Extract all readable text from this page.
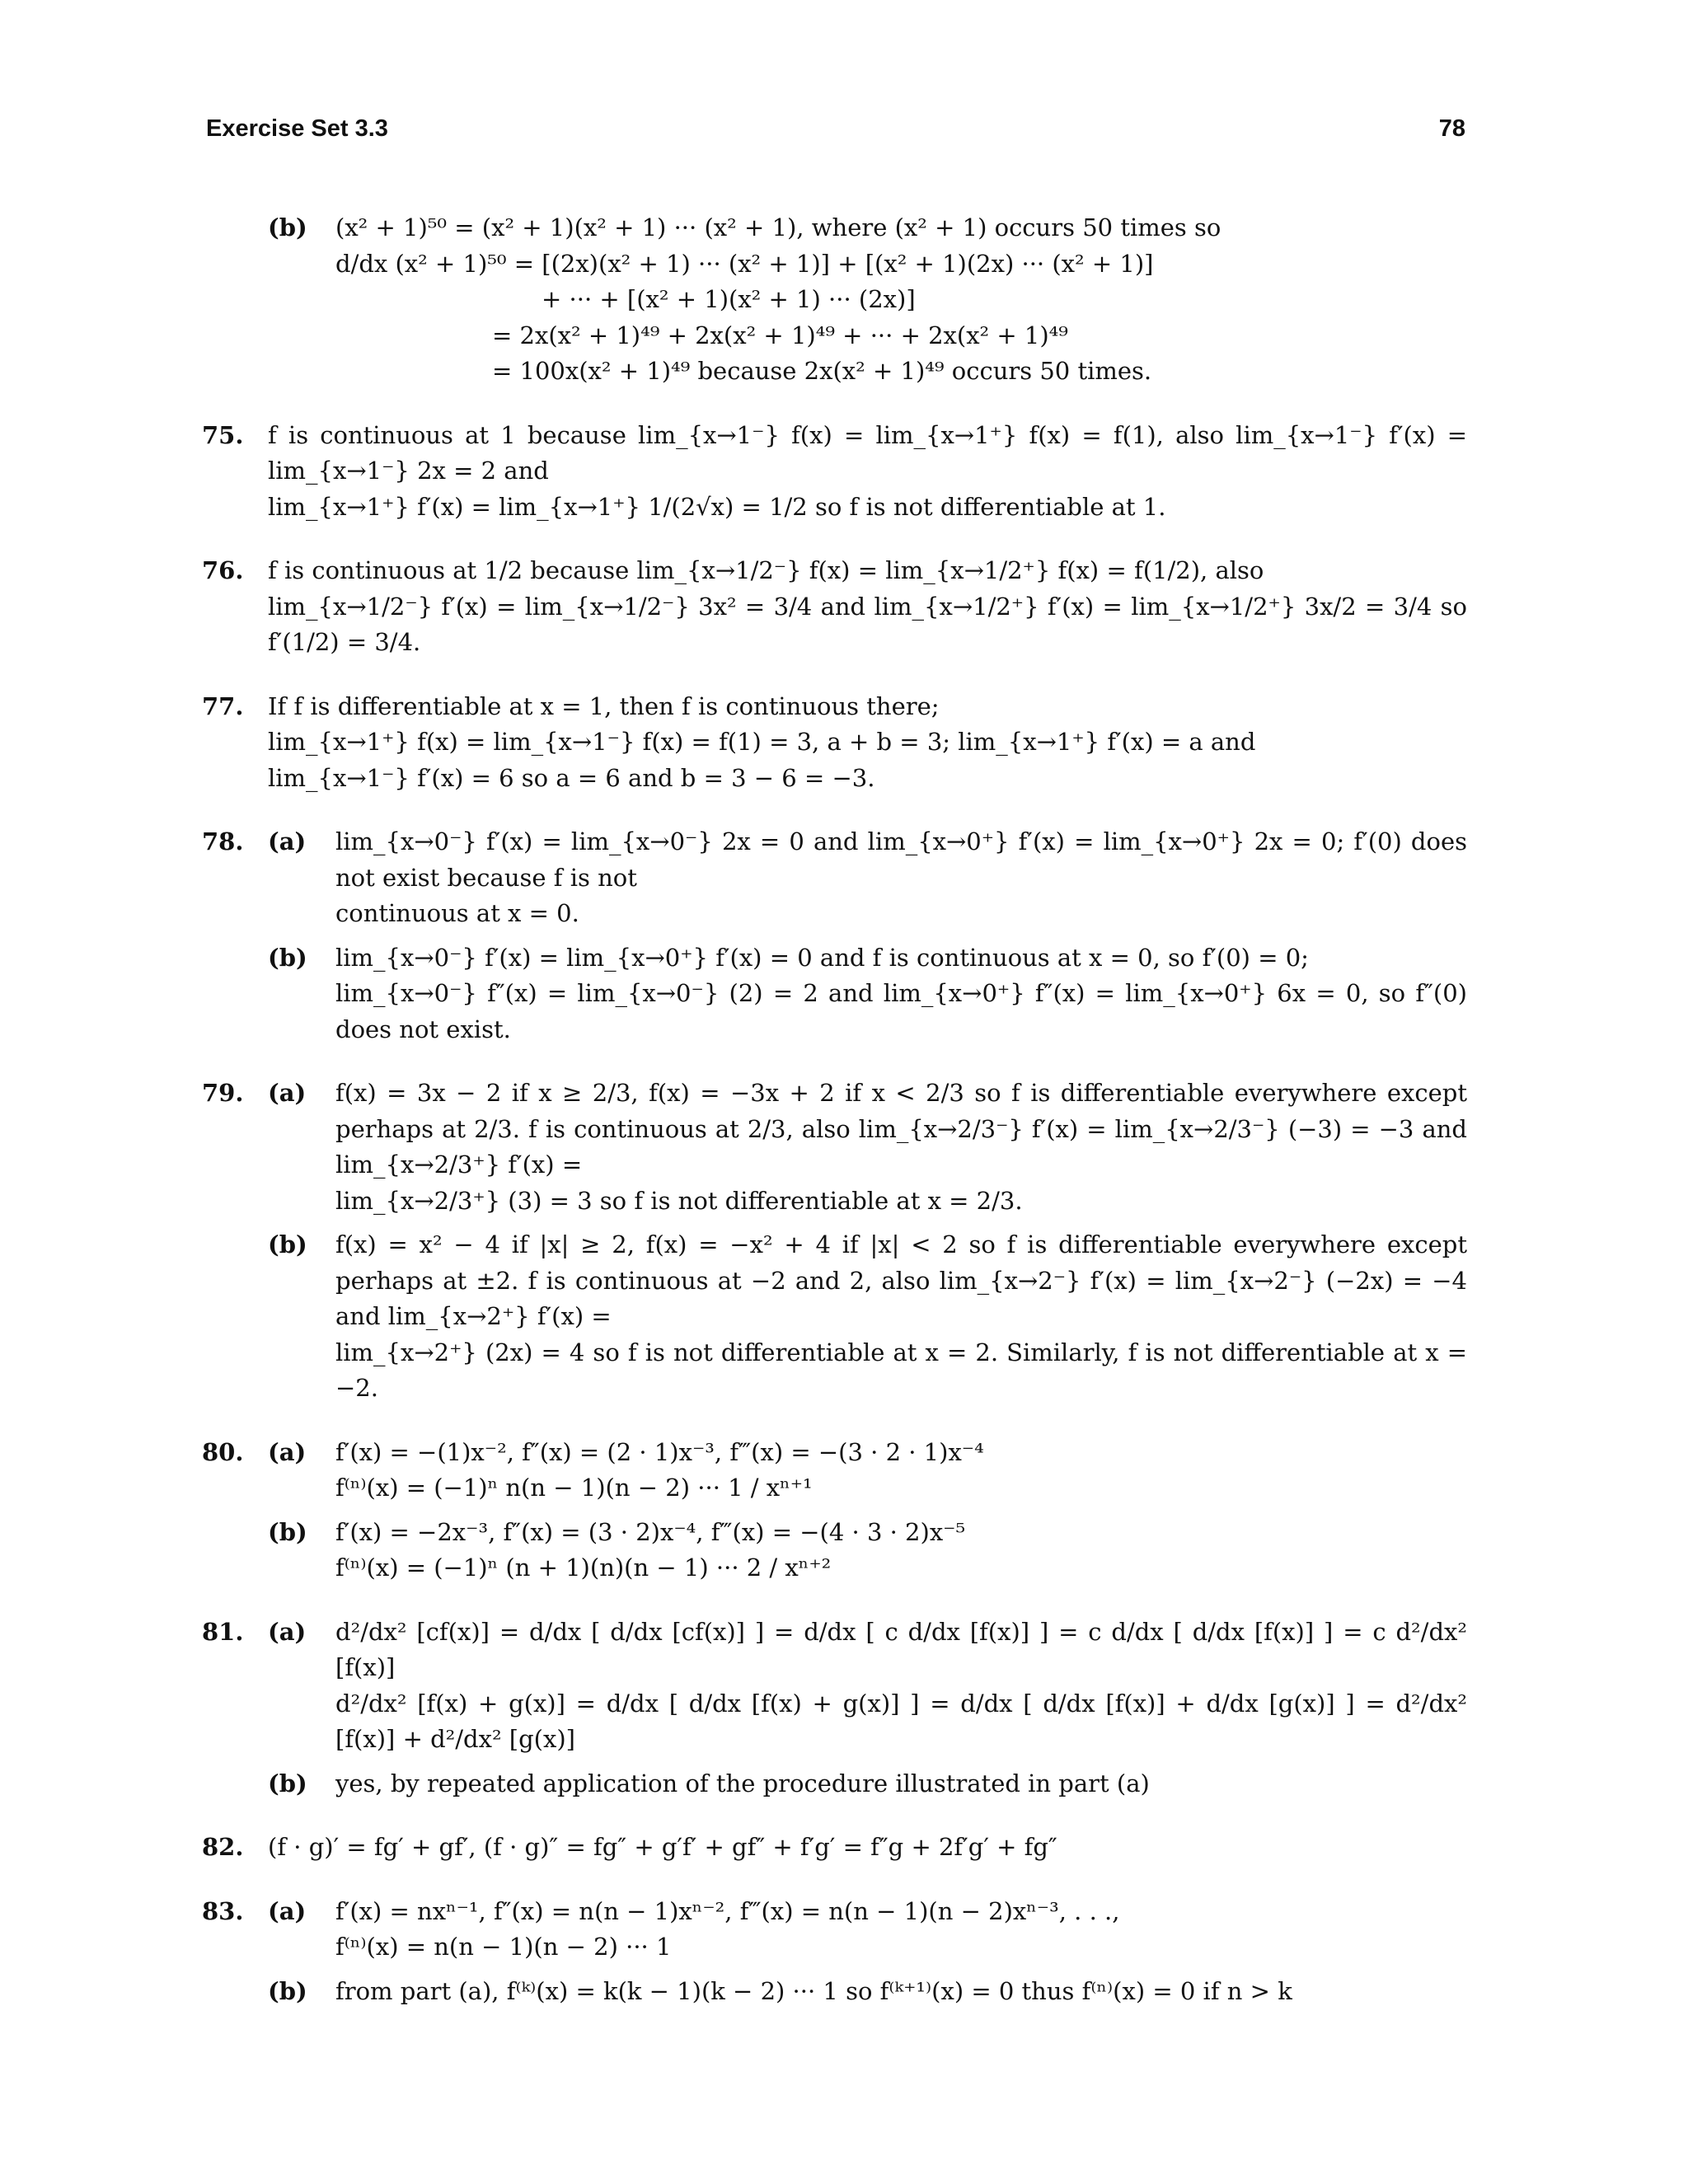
Exercise Set 3.3	78
(b) (x² + 1)⁵⁰ = (x² + 1)(x² + 1) ··· (x² + 1), where (x² + 1) occurs 50 times so
d/dx (x² + 1)⁵⁰ = [(2x)(x² + 1) ··· (x² + 1)] + [(x² + 1)(2x) ··· (x² + 1)]
+ ··· + [(x² + 1)(x² + 1) ··· (2x)]
= 2x(x² + 1)⁴⁹ + 2x(x² + 1)⁴⁹ + ··· + 2x(x² + 1)⁴⁹
= 100x(x² + 1)⁴⁹ because 2x(x² + 1)⁴⁹ occurs 50 times.
75. f is continuous at 1 because lim_{x→1⁻} f(x) = lim_{x→1⁺} f(x) = f(1), also lim_{x→1⁻} f′(x) = lim_{x→1⁻} 2x = 2 and
lim_{x→1⁺} f′(x) = lim_{x→1⁺} 1/(2√x) = 1/2 so f is not differentiable at 1.
76. f is continuous at 1/2 because lim_{x→1/2⁻} f(x) = lim_{x→1/2⁺} f(x) = f(1/2), also
lim_{x→1/2⁻} f′(x) = lim_{x→1/2⁻} 3x² = 3/4 and lim_{x→1/2⁺} f′(x) = lim_{x→1/2⁺} 3x/2 = 3/4 so f′(1/2) = 3/4.
77. If f is differentiable at x = 1, then f is continuous there;
lim_{x→1⁺} f(x) = lim_{x→1⁻} f(x) = f(1) = 3, a + b = 3; lim_{x→1⁺} f′(x) = a and
lim_{x→1⁻} f′(x) = 6 so a = 6 and b = 3 − 6 = −3.
78. (a) lim_{x→0⁻} f′(x) = lim_{x→0⁻} 2x = 0 and lim_{x→0⁺} f′(x) = lim_{x→0⁺} 2x = 0; f′(0) does not exist because f is not
continuous at x = 0.
(b) lim_{x→0⁻} f′(x) = lim_{x→0⁺} f′(x) = 0 and f is continuous at x = 0, so f′(0) = 0;
lim_{x→0⁻} f″(x) = lim_{x→0⁻} (2) = 2 and lim_{x→0⁺} f″(x) = lim_{x→0⁺} 6x = 0, so f″(0) does not exist.
79. (a) f(x) = 3x − 2 if x ≥ 2/3, f(x) = −3x + 2 if x < 2/3 so f is differentiable everywhere except perhaps at 2/3. f is continuous at 2/3, also lim_{x→2/3⁻} f′(x) = lim_{x→2/3⁻} (−3) = −3 and lim_{x→2/3⁺} f′(x) =
lim_{x→2/3⁺} (3) = 3 so f is not differentiable at x = 2/3.
(b) f(x) = x² − 4 if |x| ≥ 2, f(x) = −x² + 4 if |x| < 2 so f is differentiable everywhere except perhaps at ±2. f is continuous at −2 and 2, also lim_{x→2⁻} f′(x) = lim_{x→2⁻} (−2x) = −4 and lim_{x→2⁺} f′(x) =
lim_{x→2⁺} (2x) = 4 so f is not differentiable at x = 2. Similarly, f is not differentiable at x = −2.
80. (a) f′(x) = −(1)x⁻², f″(x) = (2 · 1)x⁻³, f‴(x) = −(3 · 2 · 1)x⁻⁴
f⁽ⁿ⁾(x) = (−1)ⁿ n(n − 1)(n − 2) ··· 1 / xⁿ⁺¹
(b) f′(x) = −2x⁻³, f″(x) = (3 · 2)x⁻⁴, f‴(x) = −(4 · 3 · 2)x⁻⁵
f⁽ⁿ⁾(x) = (−1)ⁿ (n + 1)(n)(n − 1) ··· 2 / xⁿ⁺²
81. (a) d²/dx² [cf(x)] = d/dx [ d/dx [cf(x)] ] = d/dx [ c d/dx [f(x)] ] = c d/dx [ d/dx [f(x)] ] = c d²/dx² [f(x)]
d²/dx² [f(x) + g(x)] = d/dx [ d/dx [f(x) + g(x)] ] = d/dx [ d/dx [f(x)] + d/dx [g(x)] ] = d²/dx² [f(x)] + d²/dx² [g(x)]
(b) yes, by repeated application of the procedure illustrated in part (a)
82. (f · g)′ = fg′ + gf′, (f · g)″ = fg″ + g′f′ + gf″ + f′g′ = f″g + 2f′g′ + fg″
83. (a) f′(x) = nxⁿ⁻¹, f″(x) = n(n − 1)xⁿ⁻², f‴(x) = n(n − 1)(n − 2)xⁿ⁻³, . . .,
f⁽ⁿ⁾(x) = n(n − 1)(n − 2) ··· 1
(b) from part (a), f⁽ᵏ⁾(x) = k(k − 1)(k − 2) ··· 1 so f⁽ᵏ⁺¹⁾(x) = 0 thus f⁽ⁿ⁾(x) = 0 if n > k
